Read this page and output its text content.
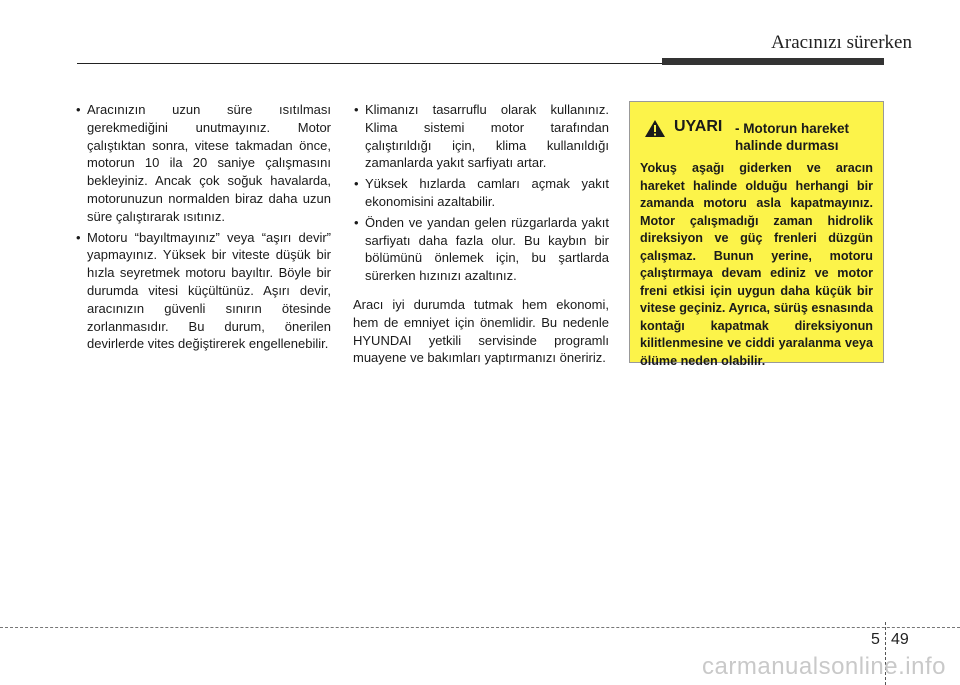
Aracınızı sürerken
• Aracınızın uzun süre ısıtılması gerekmediğini unutmayınız. Motor çalıştıktan sonra, vitese takmadan önce, motorun 10 ila 20 saniye çalışmasını bekleyiniz. Ancak çok soğuk havalarda, motorunuzun normalden biraz daha uzun süre çalıştırarak ısıtınız.
• Motoru “bayıltmayınız” veya “aşırı devir” yapmayınız. Yüksek bir viteste düşük bir hızla seyretmek motoru bayıltır. Böyle bir durumda vitesi küçültünüz. Aşırı devir, aracınızın güvenli sınırın ötesinde zorlanmasıdır. Bu durum, önerilen devirlerde vites değiştirerek engellenebilir.
• Klimanızı tasarruflu olarak kullanınız. Klima sistemi motor tarafından çalıştırıldığı için, klima kullanıldığı zamanlarda yakıt sarfiyatı artar.
• Yüksek hızlarda camları açmak yakıt ekonomisini azaltabilir.
• Önden ve yandan gelen rüzgarlarda yakıt sarfiyatı daha fazla olur. Bu kaybın bir bölümünü önlemek için, bu şartlarda sürerken hızınızı azaltınız.

Aracı iyi durumda tutmak hem ekonomi, hem de emniyet için önemlidir. Bu nedenle HYUNDAI yetkili servisinde programlı muayene ve bakımları yaptırmanızı öneririz.

UYARI - Motorun hareket halinde durması
Yokuş aşağı giderken ve aracın hareket halinde olduğu herhangi bir zamanda motoru asla kapatmayınız. Motor çalışmadığı zaman hidrolik direksiyon ve güç frenleri düzgün çalışmaz. Bunun yerine, motoru çalıştırmaya devam ediniz ve motor freni etkisi için uygun daha küçük bir vitese geçiniz. Ayrıca, sürüş esnasında kontağı kapatmak direksiyonun kilitlenmesine ve ciddi yaralanma veya ölüme neden olabilir.
5 49
carmanualsonline.info
